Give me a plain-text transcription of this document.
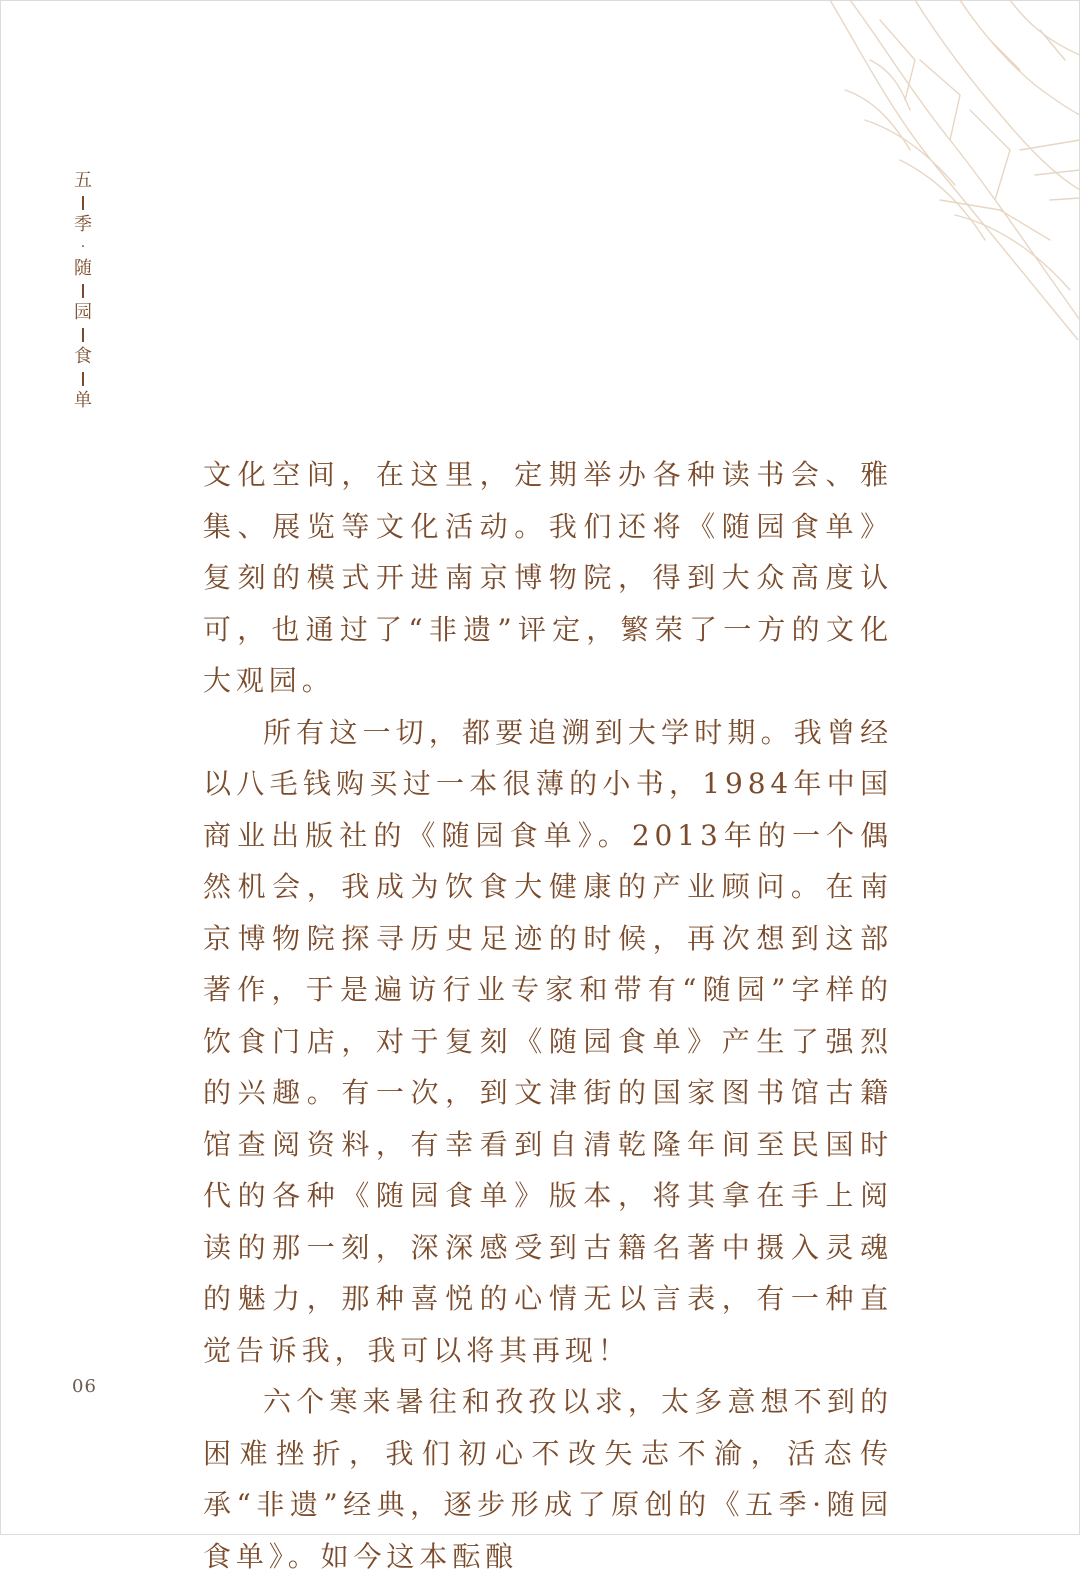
五
季
·
随
园
食
单

文化空间，在这里，定期举办各种读书会、雅集、展览等文化活动。我们还将《随园食单》复刻的模式开进南京博物院，得到大众高度认可，也通过了“非遗”评定，繁荣了一方的文化大观园。

所有这一切，都要追溯到大学时期。我曾经以八毛钱购买过一本很薄的小书，1984年中国商业出版社的《随园食单》。2013年的一个偶然机会，我成为饮食大健康的产业顾问。在南京博物院探寻历史足迹的时候，再次想到这部著作，于是遍访行业专家和带有“随园”字样的饮食门店，对于复刻《随园食单》产生了强烈的兴趣。有一次，到文津街的国家图书馆古籍馆查阅资料，有幸看到自清乾隆年间至民国时代的各种《随园食单》版本，将其拿在手上阅读的那一刻，深深感受到古籍名著中摄入灵魂的魅力，那种喜悦的心情无以言表，有一种直觉告诉我，我可以将其再现！

六个寒来暑往和孜孜以求，太多意想不到的困难挫折，我们初心不改矢志不渝，活态传承“非遗”经典，逐步形成了原创的《五季·随园食单》。如今这本酝酿

06
